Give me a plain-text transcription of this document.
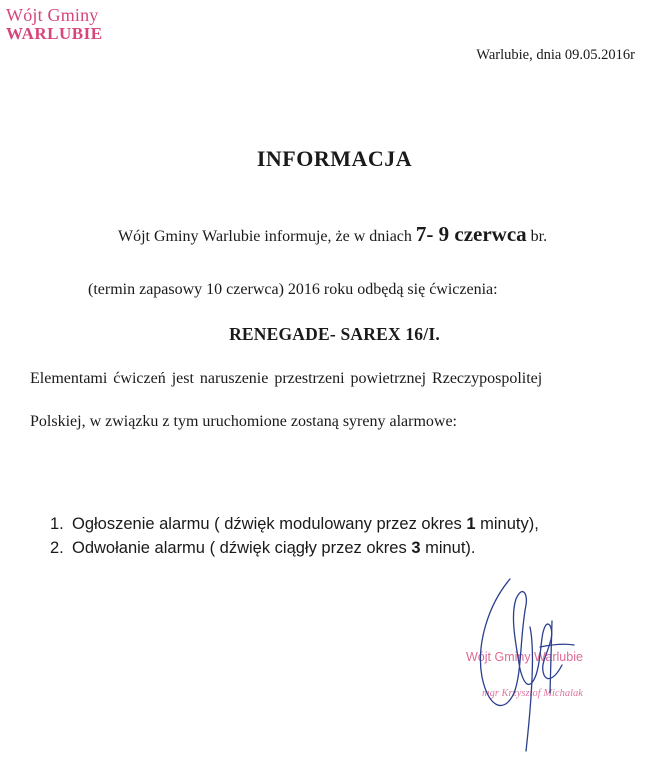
Wójt Gminy
WARLUBIE
Warlubie, dnia 09.05.2016r
INFORMACJA
Wójt Gminy Warlubie informuje, że w dniach 7- 9 czerwca br.
(termin zapasowy 10 czerwca) 2016 roku odbędą się ćwiczenia:
RENEGADE- SAREX 16/I.
Elementami ćwiczeń jest naruszenie przestrzeni powietrznej Rzeczypospolitej
Polskiej, w związku z tym uruchomione zostaną syreny alarmowe:
1. Ogłoszenie alarmu ( dźwięk modulowany przez okres 1 minuty),
2. Odwołanie alarmu ( dźwięk ciągły przez okres 3 minut).
Wójt Gminy Warlubie
mgr Krzysztof Michalak
